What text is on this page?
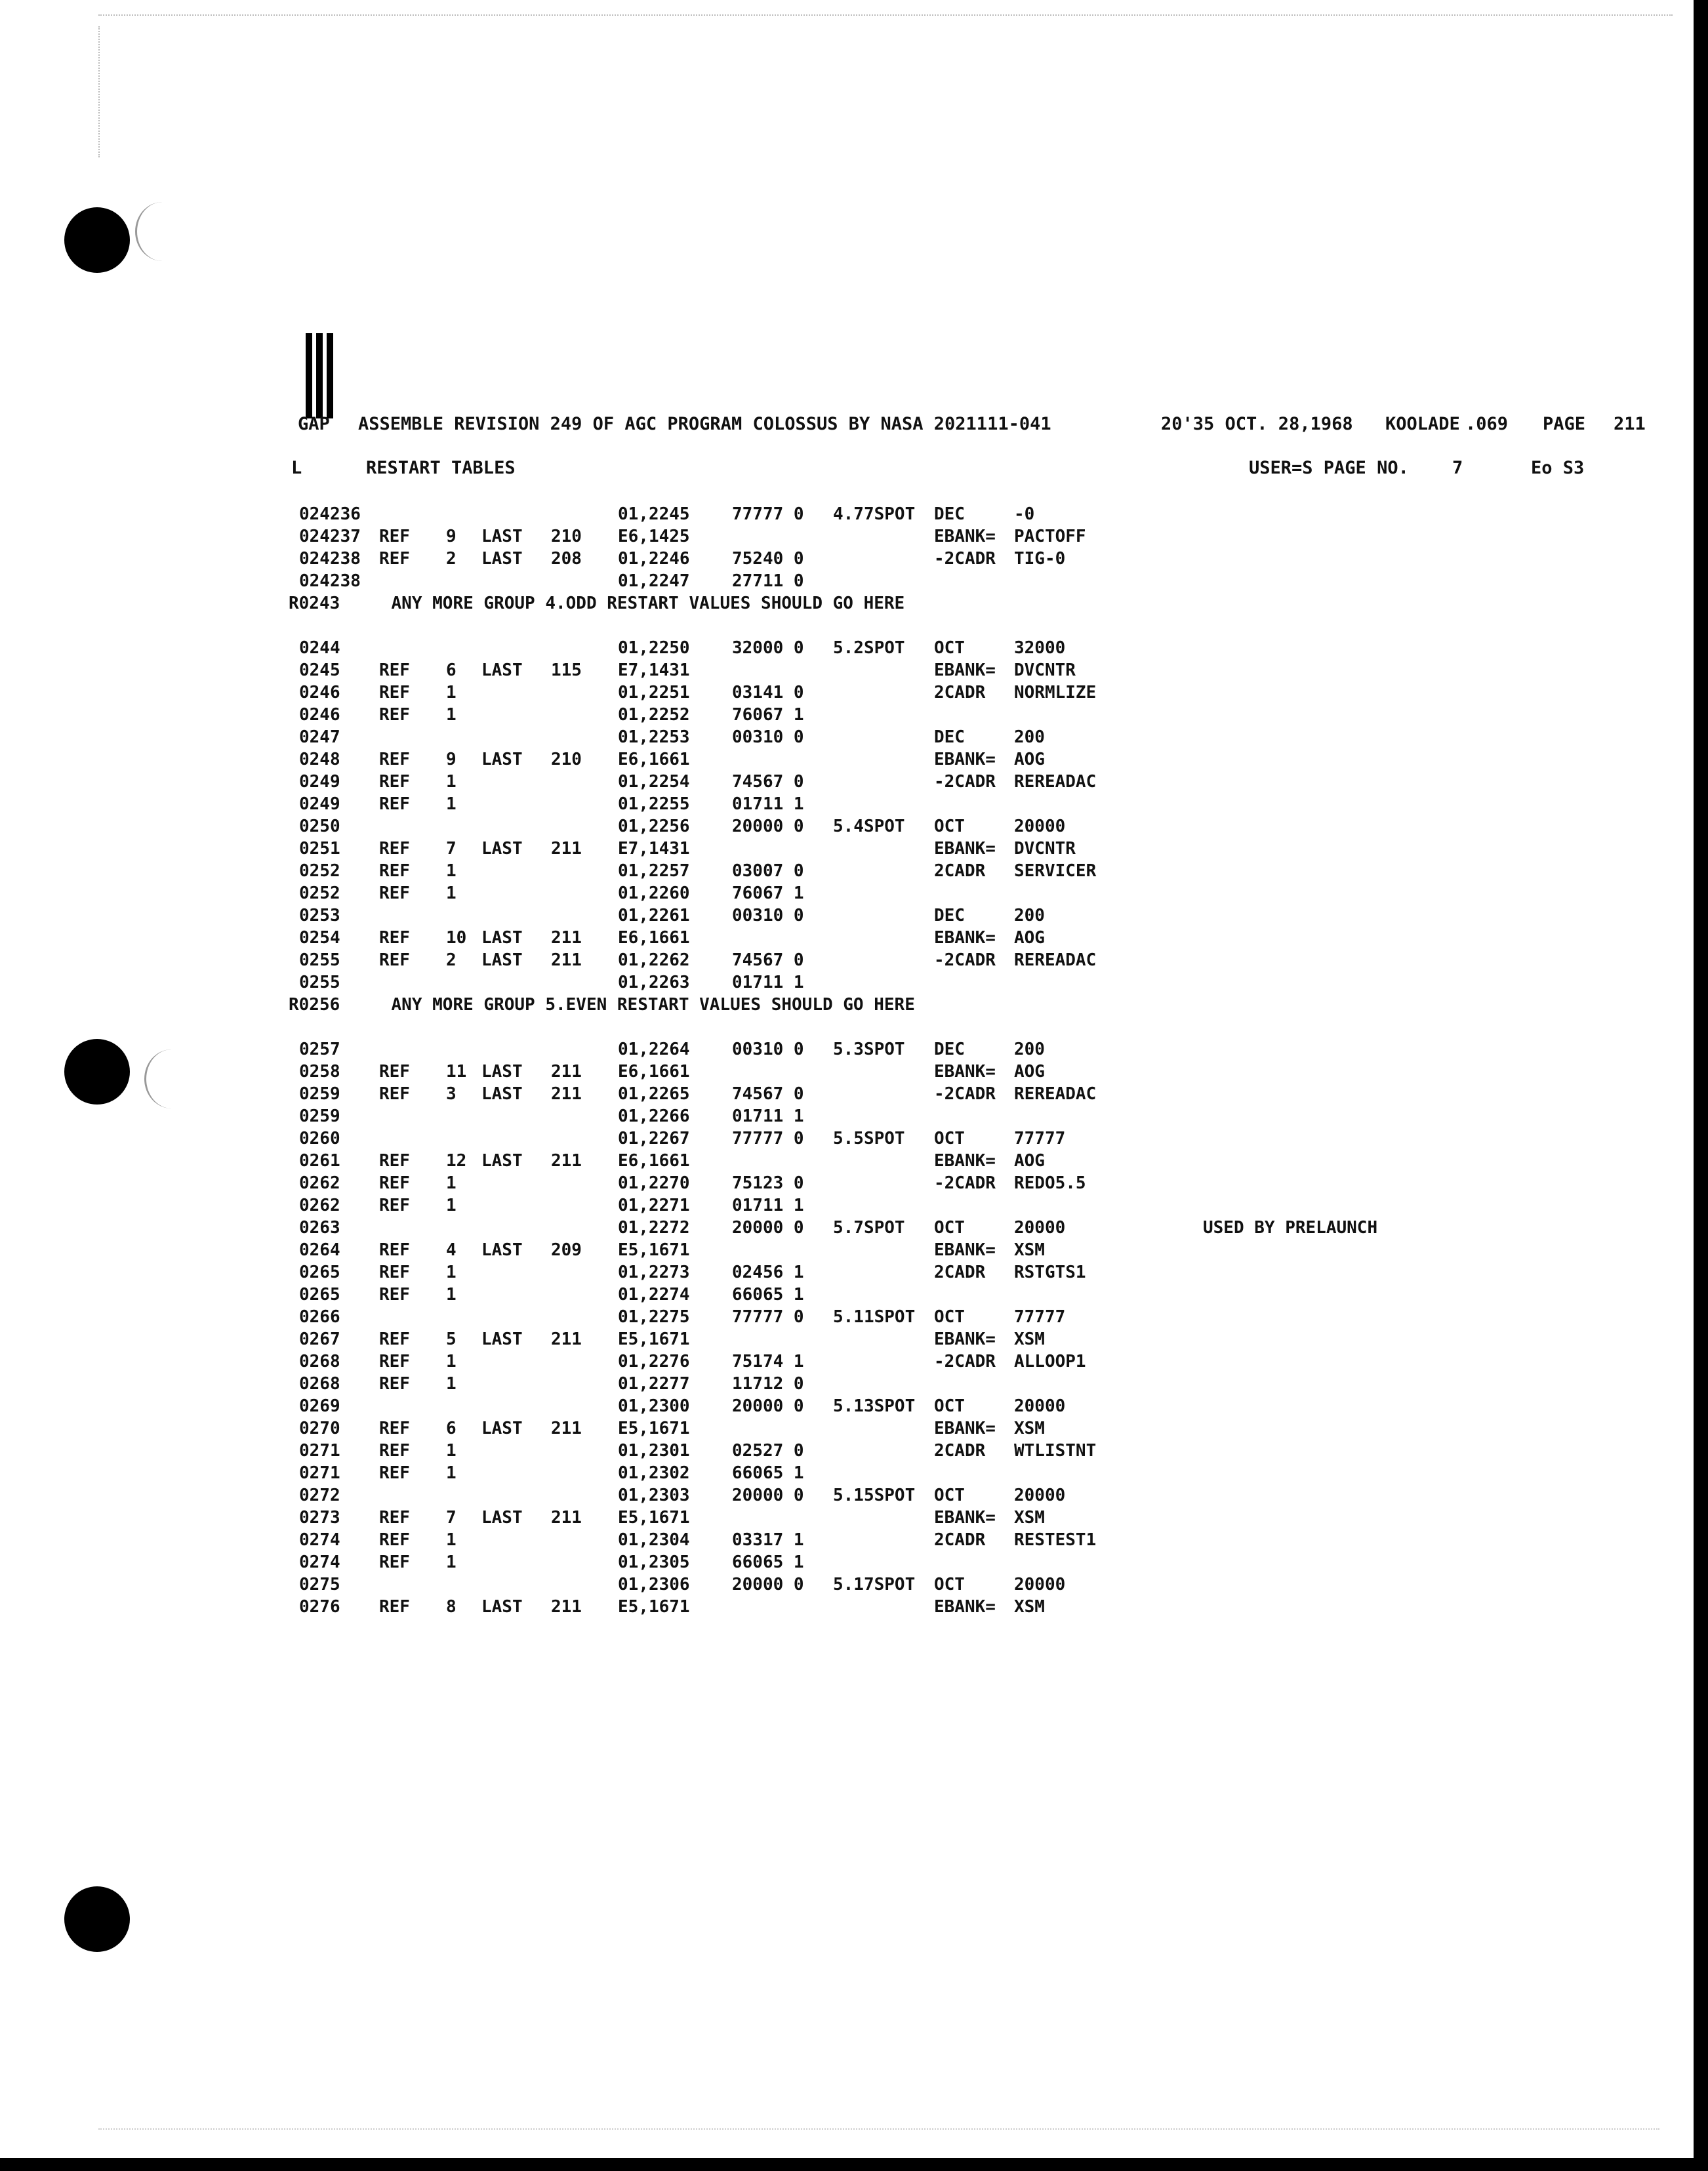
GAP ASSEMBLE REVISION 249 OF AGC PROGRAM COLOSSUS BY NASA 2021111-041	20'35 OCT. 28,1968 KOOLADE .069 PAGE 211
L	RESTART TABLES	USER=S PAGE NO. 7	Eo S3
024236	01,2245 77777 0 4.77SPOT DEC	-0
024237 REF 9 LAST 210 E6,1425	EBANK= PACTOFF
024238 REF 2 LAST 208 01,2246 75240 0	-2CADR TIG-0
024238	01,2247 27711 0
R0243     ANY MORE GROUP 4.ODD RESTART VALUES SHOULD GO HERE
0244	01,2250 32000 0 5.2SPOT OCT	32000
0245 REF 6 LAST 115 E7,1431	EBANK= DVCNTR
0246 REF 1	01,2251 03141 0	2CADR NORMLIZE
0246 REF 1	01,2252 76067 1
0247	01,2253 00310 0	DEC	200
0248 REF 9 LAST 210 E6,1661	EBANK= AOG
0249 REF 1	01,2254 74567 0	-2CADR REREADAC
0249 REF 1	01,2255 01711 1
0250	01,2256 20000 0 5.4SPOT OCT	20000
0251 REF 7 LAST 211 E7,1431	EBANK= DVCNTR
0252 REF 1	01,2257 03007 0	2CADR SERVICER
0252 REF 1	01,2260 76067 1
0253	01,2261 00310 0	DEC	200
0254 REF 10 LAST 211 E6,1661	EBANK= AOG
0255 REF 2 LAST 211 01,2262 74567 0	-2CADR REREADAC
0255	01,2263 01711 1
R0256     ANY MORE GROUP 5.EVEN RESTART VALUES SHOULD GO HERE
0257	01,2264 00310 0 5.3SPOT DEC	200
0258 REF 11 LAST 211 E6,1661	EBANK= AOG
0259 REF 3 LAST 211 01,2265 74567 0	-2CADR REREADAC
0259	01,2266 01711 1
0260	01,2267 77777 0 5.5SPOT OCT	77777
0261 REF 12 LAST 211 E6,1661	EBANK= AOG
0262 REF 1	01,2270 75123 0	-2CADR REDO5.5
0262 REF 1	01,2271 01711 1
0263	01,2272 20000 0 5.7SPOT OCT	20000	USED BY PRELAUNCH
0264 REF 4 LAST 209 E5,1671	EBANK= XSM
0265 REF 1	01,2273 02456 1	2CADR RSTGTS1
0265 REF 1	01,2274 66065 1
0266	01,2275 77777 0 5.11SPOT OCT	77777
0267 REF 5 LAST 211 E5,1671	EBANK= XSM
0268 REF 1	01,2276 75174 1	-2CADR ALLOOP1
0268 REF 1	01,2277 11712 0
0269	01,2300 20000 0 5.13SPOT OCT	20000
0270 REF 6 LAST 211 E5,1671	EBANK= XSM
0271 REF 1	01,2301 02527 0	2CADR WTLISTNT
0271 REF 1	01,2302 66065 1
0272	01,2303 20000 0 5.15SPOT OCT	20000
0273 REF 7 LAST 211 E5,1671	EBANK= XSM
0274 REF 1	01,2304 03317 1	2CADR RESTEST1
0274 REF 1	01,2305 66065 1
0275	01,2306 20000 0 5.17SPOT OCT	20000
0276 REF 8 LAST 211 E5,1671	EBANK= XSM
